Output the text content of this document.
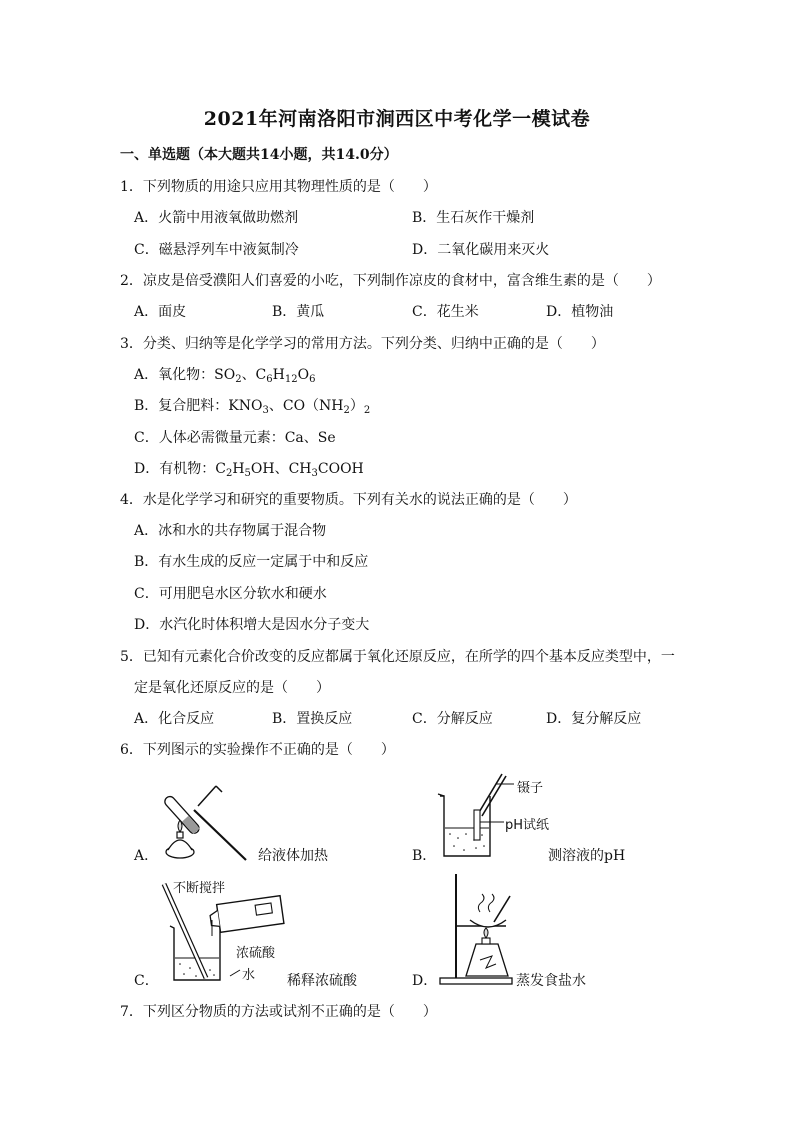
2021年河南洛阳市涧西区中考化学一模试卷
一、单选题（本大题共14小题，共14.0分）
1．下列物质的用途只应用其物理性质的是（　　）
A．火箭中用液氧做助燃剂	B．生石灰作干燥剂
C．磁悬浮列车中液氮制冷	D．二氧化碳用来灭火
2．凉皮是倍受濮阳人们喜爱的小吃，下列制作凉皮的食材中，富含维生素的是（　　）
A．面皮	B．黄瓜	C．花生米	D．植物油
3．分类、归纳等是化学学习的常用方法。下列分类、归纳中正确的是（　　）
A．氧化物：$SO_2$、$C_6H_{12}O_6$
B．复合肥料：$KNO_3$、$CO(NH_2)_2$
C．人体必需微量元素：Ca、Se
D．有机物：$C_2H_5OH$、$CH_3COOH$
4．水是化学学习和研究的重要物质。下列有关水的说法正确的是（　　）
A．冰和水的共存物属于混合物
B．有水生成的反应一定属于中和反应
C．可用肥皂水区分软水和硬水
D．水汽化时体积增大是因水分子变大
5．已知有元素化合价改变的反应都属于氧化还原反应，在所学的四个基本反应类型中，一
定是氧化还原反应的是（　　）
A．化合反应	B．置换反应	C．分解反应	D．复分解反应
6．下列图示的实验操作不正确的是（　　）
A．	给液体加热
镊子
pH试纸
B．	测溶液的pH
不断搅拌
浓硫酸
水
C．	稀释浓硫酸	D．	蒸发食盐水
7．下列区分物质的方法或试剂不正确的是（　　）
